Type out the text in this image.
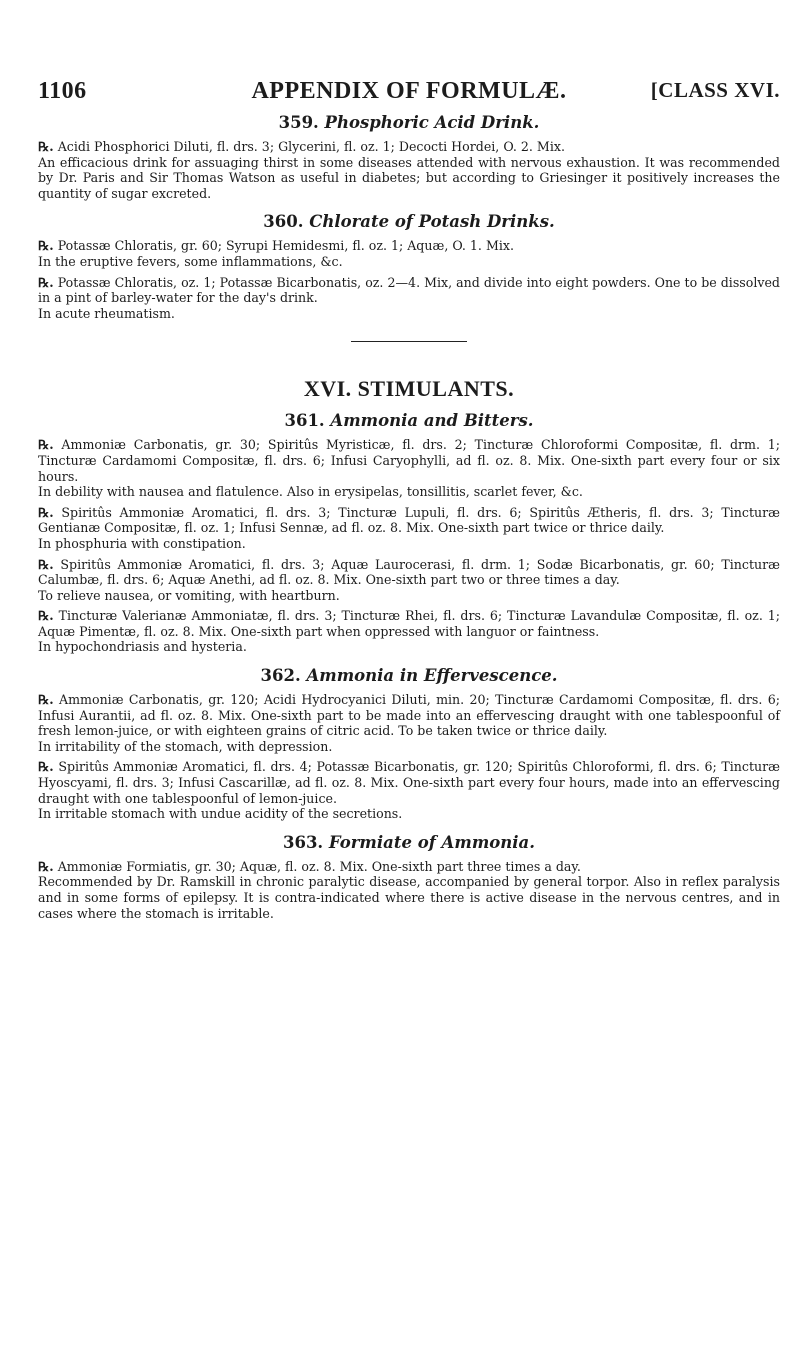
1106	APPENDIX OF FORMULÆ.	[CLASS XVI.
359. Phosphoric Acid Drink.

℞. Acidi Phosphorici Diluti, fl. drs. 3; Glycerini, fl. oz. 1; Decocti Hordei, O. 2. Mix.

An efficacious drink for assuaging thirst in some diseases attended with nervous exhaustion. It was recommended by Dr. Paris and Sir Thomas Watson as useful in diabetes; but according to Griesinger it positively increases the quantity of sugar excreted.

360. Chlorate of Potash Drinks.

℞. Potassæ Chloratis, gr. 60; Syrupi Hemidesmi, fl. oz. 1; Aquæ, O. 1. Mix.

In the eruptive fevers, some inflammations, &c.

℞. Potassæ Chloratis, oz. 1; Potassæ Bicarbonatis, oz. 2—4. Mix, and divide into eight powders. One to be dissolved in a pint of barley-water for the day's drink.

In acute rheumatism.

XVI. STIMULANTS.
361. Ammonia and Bitters.

℞. Ammoniæ Carbonatis, gr. 30; Spiritûs Myristicæ, fl. drs. 2; Tincturæ Chloroformi Compositæ, fl. drm. 1; Tincturæ Cardamomi Compositæ, fl. drs. 6; Infusi Caryophylli, ad fl. oz. 8. Mix. One-sixth part every four or six hours.

In debility with nausea and flatulence. Also in erysipelas, tonsillitis, scarlet fever, &c.

℞. Spiritûs Ammoniæ Aromatici, fl. drs. 3; Tincturæ Lupuli, fl. drs. 6; Spiritûs Ætheris, fl. drs. 3; Tincturæ Gentianæ Compositæ, fl. oz. 1; Infusi Sennæ, ad fl. oz. 8. Mix. One-sixth part twice or thrice daily.

In phosphuria with constipation.

℞. Spiritûs Ammoniæ Aromatici, fl. drs. 3; Aquæ Laurocerasi, fl. drm. 1; Sodæ Bicarbonatis, gr. 60; Tincturæ Calumbæ, fl. drs. 6; Aquæ Anethi, ad fl. oz. 8. Mix. One-sixth part two or three times a day.

To relieve nausea, or vomiting, with heartburn.

℞. Tincturæ Valerianæ Ammoniatæ, fl. drs. 3; Tincturæ Rhei, fl. drs. 6; Tincturæ Lavandulæ Compositæ, fl. oz. 1; Aquæ Pimentæ, fl. oz. 8. Mix. One-sixth part when oppressed with languor or faintness.

In hypochondriasis and hysteria.

362. Ammonia in Effervescence.

℞. Ammoniæ Carbonatis, gr. 120; Acidi Hydrocyanici Diluti, min. 20; Tincturæ Cardamomi Compositæ, fl. drs. 6; Infusi Aurantii, ad fl. oz. 8. Mix. One-sixth part to be made into an effervescing draught with one tablespoonful of fresh lemon-juice, or with eighteen grains of citric acid. To be taken twice or thrice daily.

In irritability of the stomach, with depression.

℞. Spiritûs Ammoniæ Aromatici, fl. drs. 4; Potassæ Bicarbonatis, gr. 120; Spiritûs Chloroformi, fl. drs. 6; Tincturæ Hyoscyami, fl. drs. 3; Infusi Cascarillæ, ad fl. oz. 8. Mix. One-sixth part every four hours, made into an effervescing draught with one tablespoonful of lemon-juice.

In irritable stomach with undue acidity of the secretions.

363. Formiate of Ammonia.

℞. Ammoniæ Formiatis, gr. 30; Aquæ, fl. oz. 8. Mix. One-sixth part three times a day.

Recommended by Dr. Ramskill in chronic paralytic disease, accompanied by general torpor. Also in reflex paralysis and in some forms of epilepsy. It is contra-indicated where there is active disease in the nervous centres, and in cases where the stomach is irritable.
